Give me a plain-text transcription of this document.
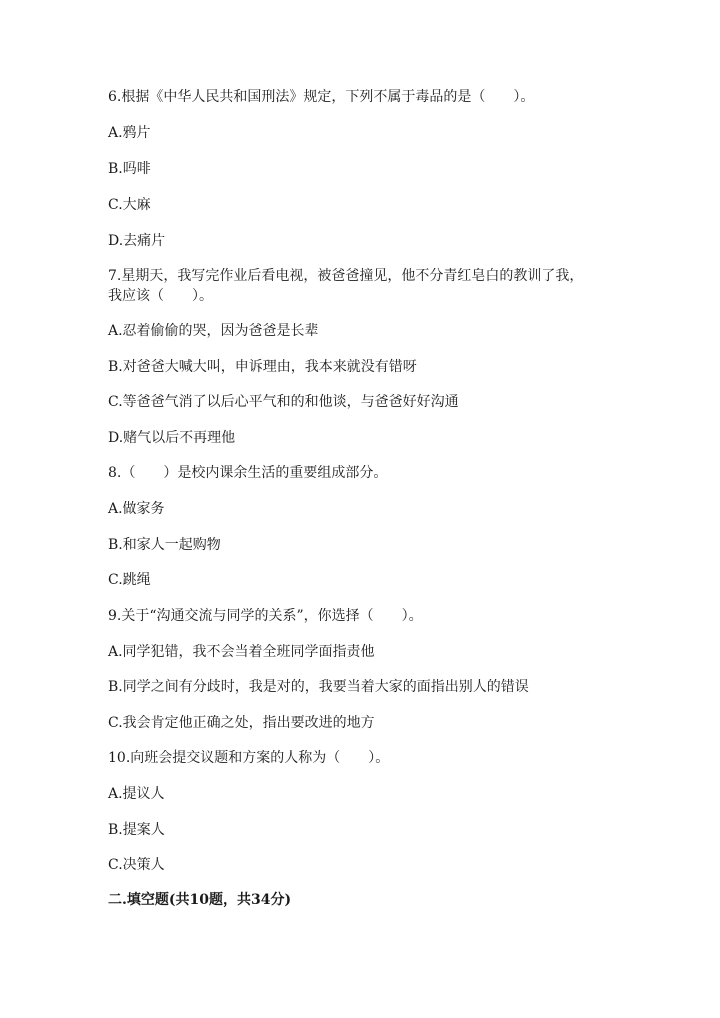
6.根据《中华人民共和国刑法》规定，下列不属于毒品的是（　　）。
A.鸦片
B.吗啡
C.大麻
D.去痛片
7.星期天，我写完作业后看电视，被爸爸撞见，他不分青红皂白的教训了我，
我应该（　　）。
A.忍着偷偷的哭，因为爸爸是长辈
B.对爸爸大喊大叫，申诉理由，我本来就没有错呀
C.等爸爸气消了以后心平气和的和他谈，与爸爸好好沟通
D.赌气以后不再理他
8.（　　）是校内课余生活的重要组成部分。
A.做家务
B.和家人一起购物
C.跳绳
9.关于“沟通交流与同学的关系”，你选择（　　）。
A.同学犯错，我不会当着全班同学面指责他
B.同学之间有分歧时，我是对的，我要当着大家的面指出别人的错误
C.我会肯定他正确之处，指出要改进的地方
10.向班会提交议题和方案的人称为（　　）。
A.提议人
B.提案人
C.决策人
二.填空题(共10题，共34分)
